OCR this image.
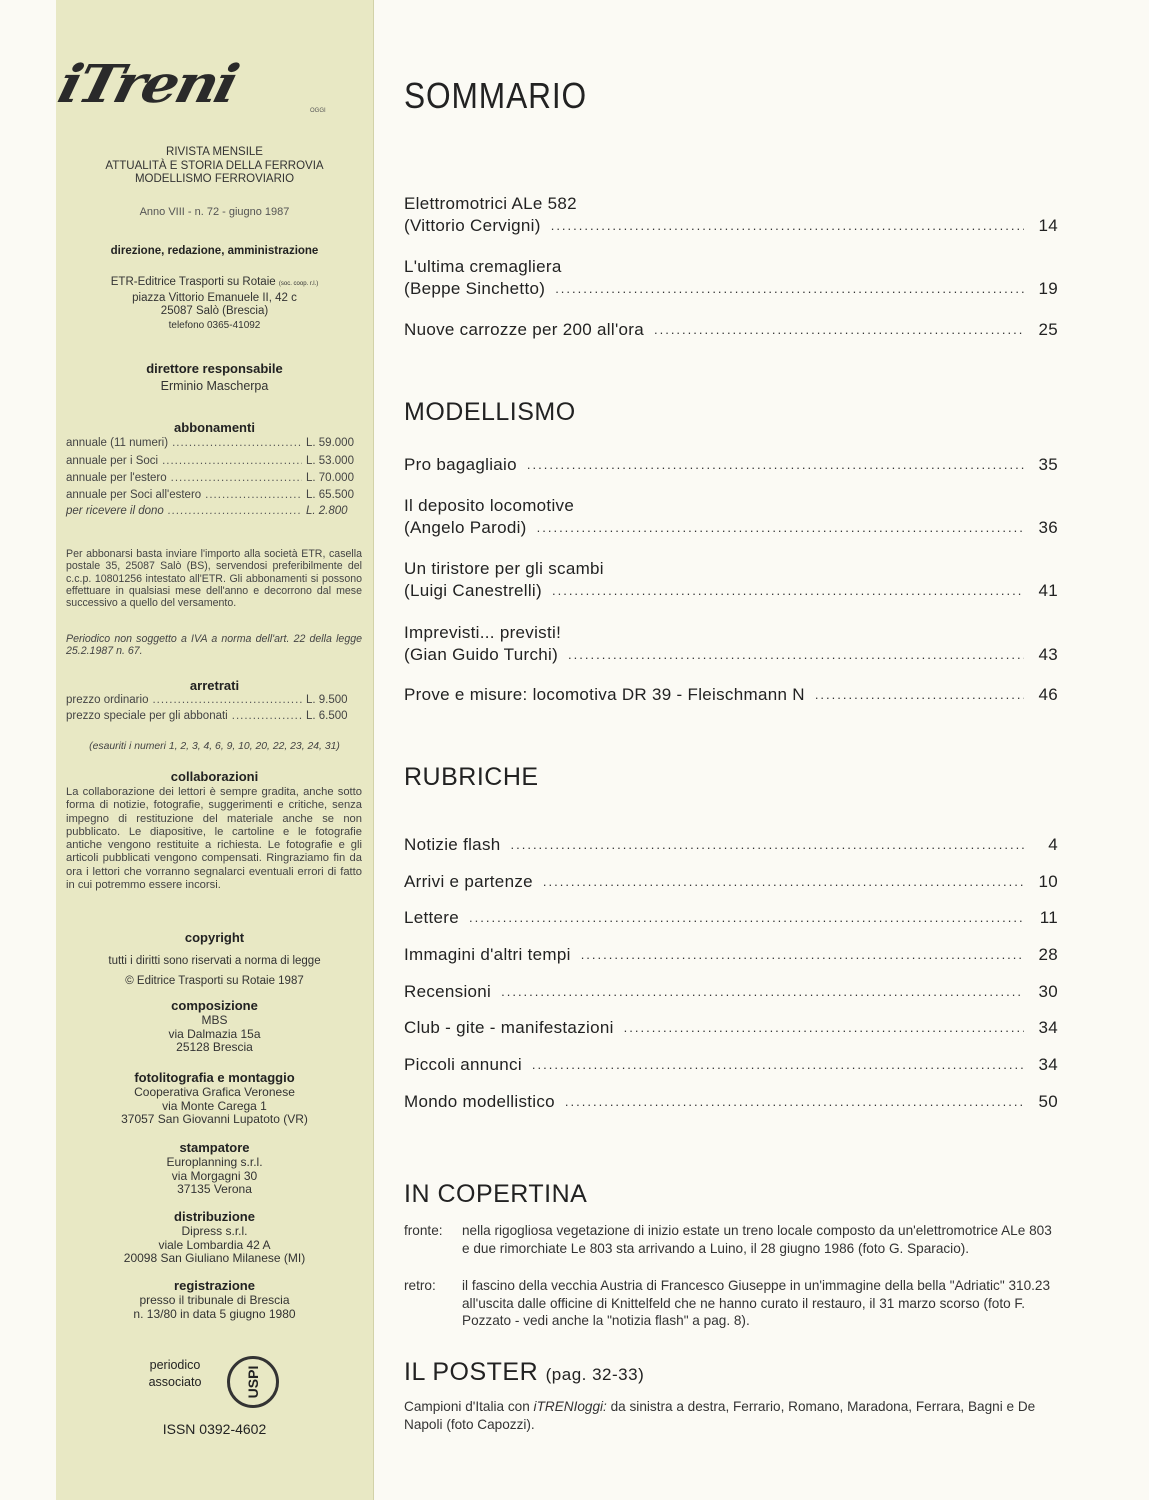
iTreni	OGGI
RIVISTA MENSILE
ATTUALITÀ E STORIA DELLA FERROVIA
MODELLISMO FERROVIARIO
Anno VIII - n. 72 - giugno 1987
direzione, redazione, amministrazione
ETR-Editrice Trasporti su Rotaie (soc. coop. r.l.)
piazza Vittorio Emanuele II, 42 c
25087 Salò (Brescia)
telefono 0365-41092
direttore responsabile
Erminio Mascherpa
abbonamenti
annuale (11 numeri) .....	L. 59.000
annuale per i Soci .....	L. 53.000
annuale per l'estero .....	L. 70.000
annuale per Soci all'estero .....	L. 65.500
per ricevere il dono .....	L. 2.800
Per abbonarsi basta inviare l'importo alla società ETR, casella postale 35, 25087 Salò (BS), servendosi preferibilmente del c.c.p. 10801256 intestato all'ETR. Gli abbonamenti si possono effettuare in qualsiasi mese dell'anno e decorrono dal mese successivo a quello del versamento.
Periodico non soggetto a IVA a norma dell'art. 22 della legge 25.2.1987 n. 67.
arretrati
prezzo ordinario .....	L. 9.500
prezzo speciale per gli abbonati .....	L. 6.500
(esauriti i numeri 1, 2, 3, 4, 6, 9, 10, 20, 22, 23, 24, 31)
collaborazioni
La collaborazione dei lettori è sempre gradita, anche sotto forma di notizie, fotografie, suggerimenti e critiche, senza impegno di restituzione del materiale anche se non pubblicato. Le diapositive, le cartoline e le fotografie antiche vengono restituite a richiesta. Le fotografie e gli articoli pubblicati vengono compensati. Ringraziamo fin da ora i lettori che vorranno segnalarci eventuali errori di fatto in cui potremmo essere incorsi.
copyright
tutti i diritti sono riservati a norma di legge
© Editrice Trasporti su Rotaie 1987
composizione
MBS
via Dalmazia 15a
25128 Brescia
fotolitografia e montaggio
Cooperativa Grafica Veronese
via Monte Carega 1
37057 San Giovanni Lupatoto (VR)
stampatore
Europlanning s.r.l.
via Morgagni 30
37135 Verona
distribuzione
Dipress s.r.l.
viale Lombardia 42 A
20098 San Giuliano Milanese (MI)
registrazione
presso il tribunale di Brescia
n. 13/80 in data 5 giugno 1980
periodico
associato	USPI
ISSN 0392-4602
SOMMARIO
Elettromotrici ALe 582
(Vittorio Cervigni) .....	14
L'ultima cremagliera
(Beppe Sinchetto) .....	19
Nuove carrozze per 200 all'ora .....	25
MODELLISMO
Pro bagagliaio .....	35
Il deposito locomotive
(Angelo Parodi) .....	36
Un tiristore per gli scambi
(Luigi Canestrelli) .....	41
Imprevisti... previsti!
(Gian Guido Turchi) .....	43
Prove e misure: locomotiva DR 39 - Fleischmann N .....	46
RUBRICHE
Notizie flash .....	4
Arrivi e partenze .....	10
Lettere .....	11
Immagini d'altri tempi .....	28
Recensioni .....	30
Club - gite - manifestazioni .....	34
Piccoli annunci .....	34
Mondo modellistico .....	50
IN COPERTINA
fronte:	nella rigogliosa vegetazione di inizio estate un treno locale composto da un'elettromotrice ALe 803 e due rimorchiate Le 803 sta arrivando a Luino, il 28 giugno 1986 (foto G. Sparacio).
retro:	il fascino della vecchia Austria di Francesco Giuseppe in un'immagine della bella "Adriatic" 310.23 all'uscita dalle officine di Knittelfeld che ne hanno curato il restauro, il 31 marzo scorso (foto F. Pozzato - vedi anche la "notizia flash" a pag. 8).
IL POSTER (pag. 32-33)
Campioni d'Italia con iTRENIoggi: da sinistra a destra, Ferrario, Romano, Maradona, Ferrara, Bagni e De Napoli (foto Capozzi).
